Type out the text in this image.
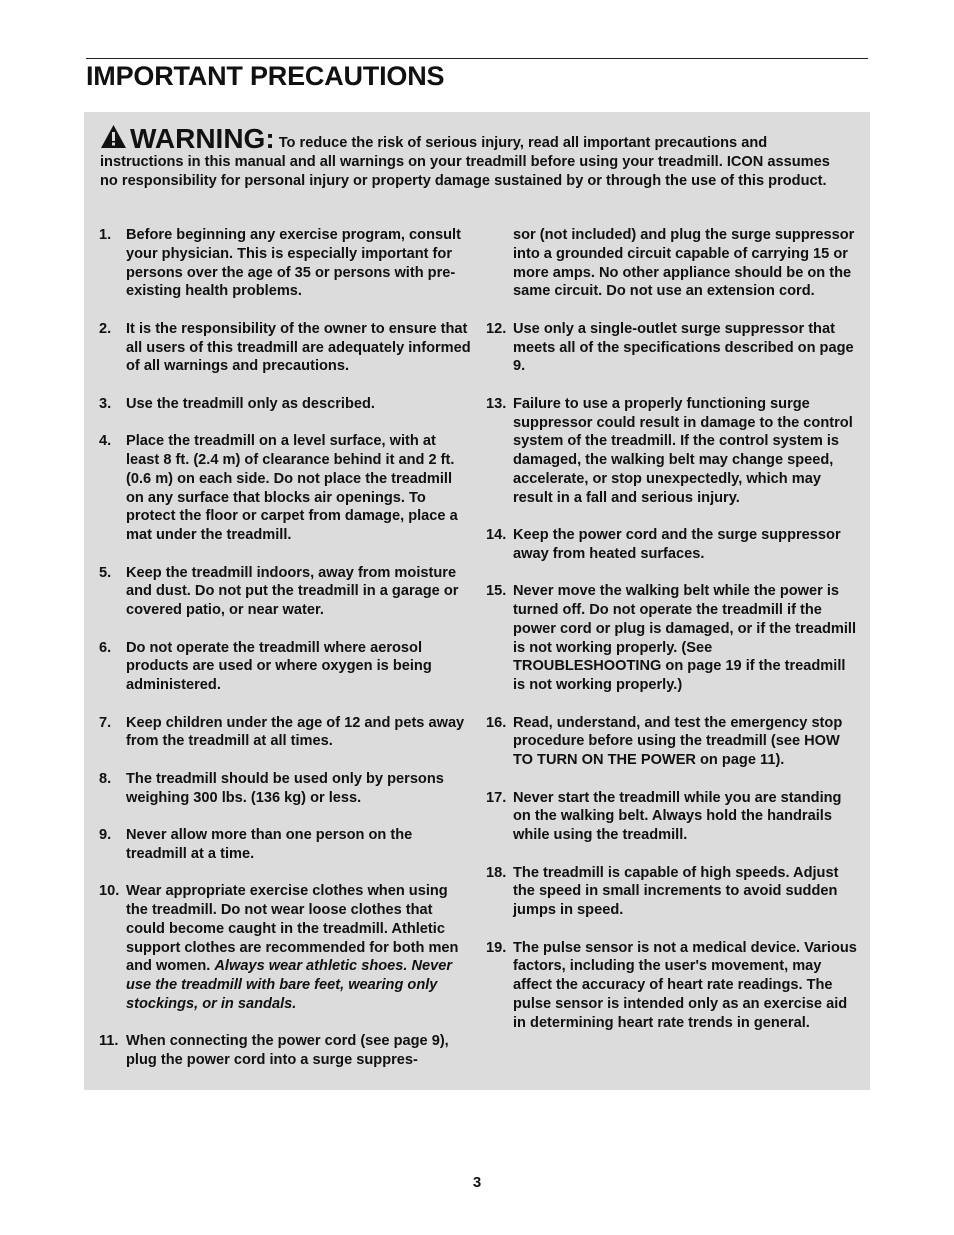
IMPORTANT PRECAUTIONS
WARNING: To reduce the risk of serious injury, read all important precautions and instructions in this manual and all warnings on your treadmill before using your treadmill. ICON assumes no responsibility for personal injury or property damage sustained by or through the use of this product.
1. Before beginning any exercise program, consult your physician. This is especially important for persons over the age of 35 or persons with pre-existing health problems.
2. It is the responsibility of the owner to ensure that all users of this treadmill are adequately informed of all warnings and precautions.
3. Use the treadmill only as described.
4. Place the treadmill on a level surface, with at least 8 ft. (2.4 m) of clearance behind it and 2 ft. (0.6 m) on each side. Do not place the treadmill on any surface that blocks air openings. To protect the floor or carpet from damage, place a mat under the treadmill.
5. Keep the treadmill indoors, away from moisture and dust. Do not put the treadmill in a garage or covered patio, or near water.
6. Do not operate the treadmill where aerosol products are used or where oxygen is being administered.
7. Keep children under the age of 12 and pets away from the treadmill at all times.
8. The treadmill should be used only by persons weighing 300 lbs. (136 kg) or less.
9. Never allow more than one person on the treadmill at a time.
10. Wear appropriate exercise clothes when using the treadmill. Do not wear loose clothes that could become caught in the treadmill. Athletic support clothes are recommended for both men and women. Always wear athletic shoes. Never use the treadmill with bare feet, wearing only stockings, or in sandals.
11. When connecting the power cord (see page 9), plug the power cord into a surge suppres-
sor (not included) and plug the surge suppressor into a grounded circuit capable of carrying 15 or more amps. No other appliance should be on the same circuit. Do not use an extension cord.
12. Use only a single-outlet surge suppressor that meets all of the specifications described on page 9.
13. Failure to use a properly functioning surge suppressor could result in damage to the control system of the treadmill. If the control system is damaged, the walking belt may change speed, accelerate, or stop unexpectedly, which may result in a fall and serious injury.
14. Keep the power cord and the surge suppressor away from heated surfaces.
15. Never move the walking belt while the power is turned off. Do not operate the treadmill if the power cord or plug is damaged, or if the treadmill is not working properly. (See TROUBLESHOOTING on page 19 if the treadmill is not working properly.)
16. Read, understand, and test the emergency stop procedure before using the treadmill (see HOW TO TURN ON THE POWER on page 11).
17. Never start the treadmill while you are standing on the walking belt. Always hold the handrails while using the treadmill.
18. The treadmill is capable of high speeds. Adjust the speed in small increments to avoid sudden jumps in speed.
19. The pulse sensor is not a medical device. Various factors, including the user's movement, may affect the accuracy of heart rate readings. The pulse sensor is intended only as an exercise aid in determining heart rate trends in general.
3
